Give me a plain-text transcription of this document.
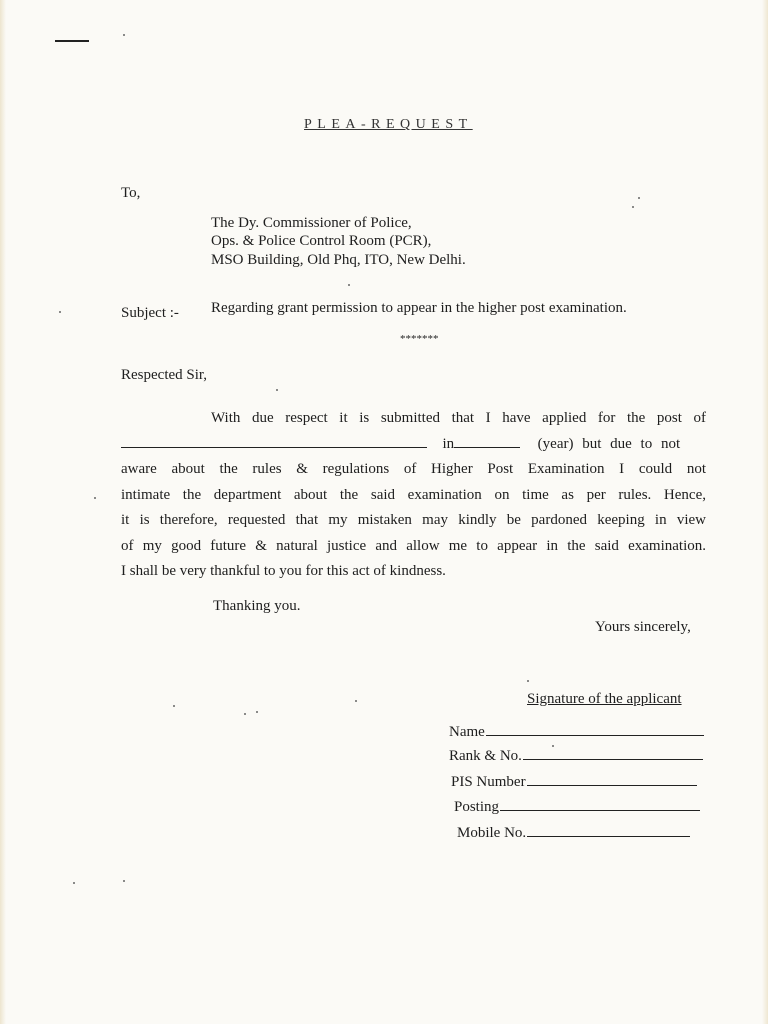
PLEA-REQUEST
To,
The Dy. Commissioner of Police,
Ops. & Police Control Room (PCR),
MSO Building, Old Phq, ITO, New Delhi.
Subject :- Regarding grant permission to appear in the higher post examination.
*******
Respected Sir,
With due respect it is submitted that I have applied for the post of
in	(year) but due to not
aware about the rules & regulations of Higher Post Examination I could not
intimate the department about the said examination on time as per rules. Hence,
it is therefore, requested that my mistaken may kindly be pardoned keeping in view
of my good future & natural justice and allow me to appear in the said examination.
I shall be very thankful to you for this act of kindness.
Thanking you.
Yours sincerely,
Signature of the applicant
Name
Rank & No.
PIS Number
Posting
Mobile No.
